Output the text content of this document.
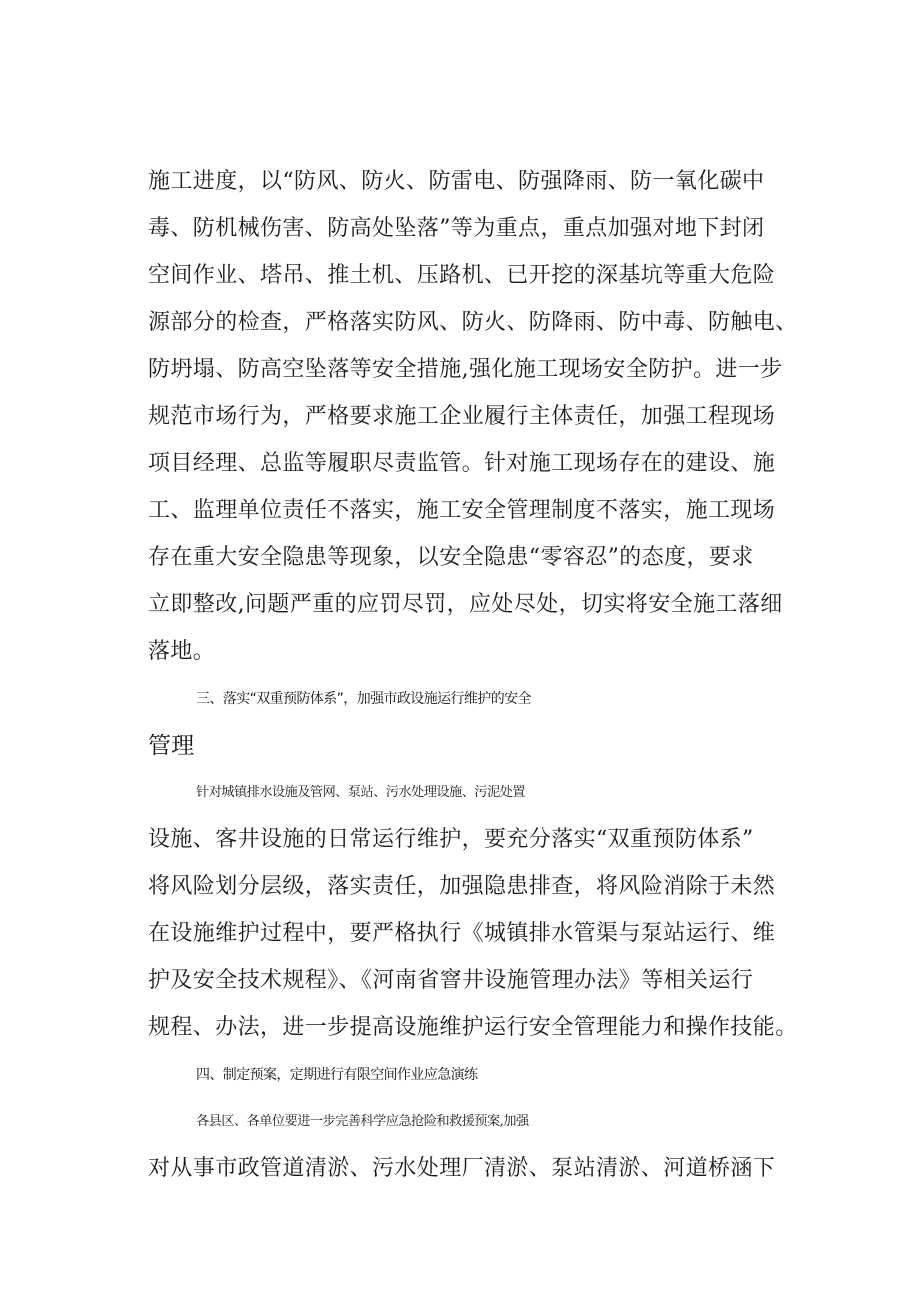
施工进度，以“防风、防火、防雷电、防强降雨、防一氧化碳中
毒、防机械伤害、防高处坠落”等为重点，重点加强对地下封闭
空间作业、塔吊、推土机、压路机、已开挖的深基坑等重大危险
源部分的检查，严格落实防风、防火、防降雨、防中毒、防触电、
防坍塌、防高空坠落等安全措施,强化施工现场安全防护。进一步
规范市场行为，严格要求施工企业履行主体责任，加强工程现场
项目经理、总监等履职尽责监管。针对施工现场存在的建设、施
工、监理单位责任不落实，施工安全管理制度不落实，施工现场
存在重大安全隐患等现象，以安全隐患“零容忍”的态度，要求
立即整改,问题严重的应罚尽罚，应处尽处，切实将安全施工落细
落地。
三、落实“双重预防体系”，加强市政设施运行维护的安全
管理
针对城镇排水设施及管网、泵站、污水处理设施、污泥处置
设施、客井设施的日常运行维护，要充分落实“双重预防体系”
将风险划分层级，落实责任，加强隐患排查，将风险消除于未然
在设施维护过程中，要严格执行《城镇排水管渠与泵站运行、维
护及安全技术规程》、《河南省窨井设施管理办法》等相关运行
规程、办法，进一步提高设施维护运行安全管理能力和操作技能。
四、制定预案，定期进行有限空间作业应急演练
各县区、各单位要进一步完善科学应急抢险和救援预案,加强
对从事市政管道清淤、污水处理厂清淤、泵站清淤、河道桥涵下
